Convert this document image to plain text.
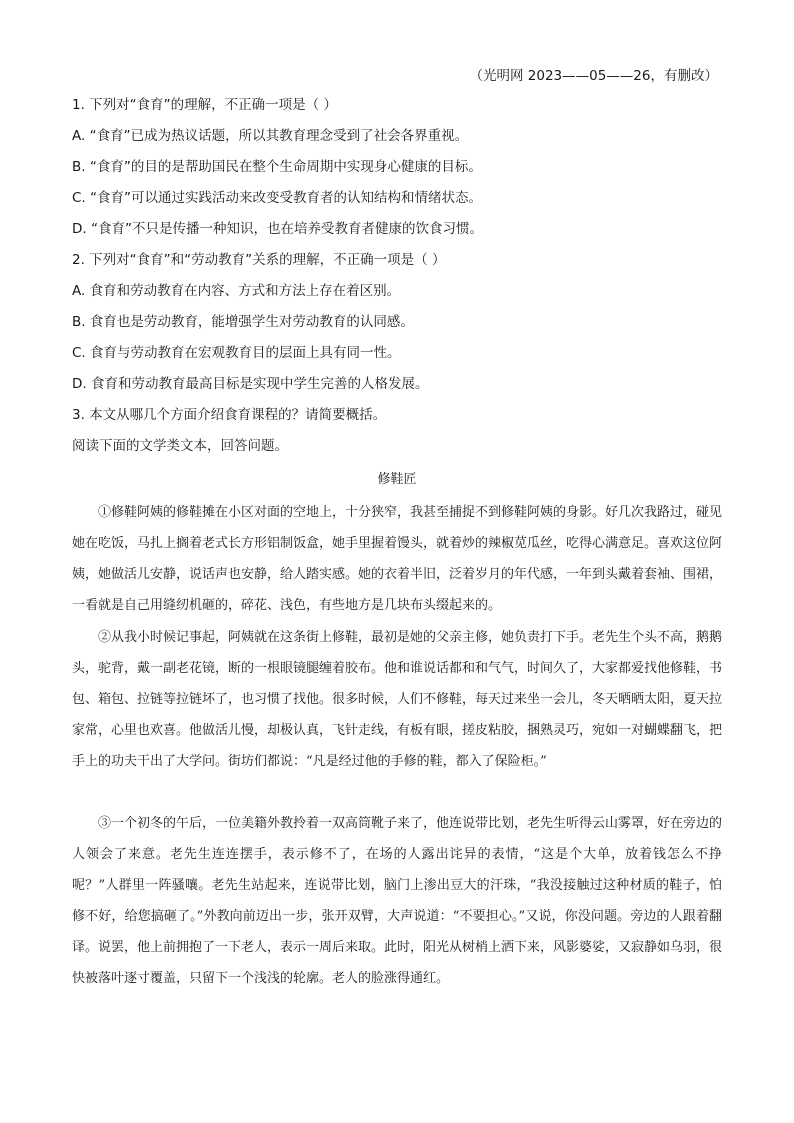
（光明网 2023——05——26，有删改）
1. 下列对“食育”的理解，不正确一项是（ ）
A. “食育”已成为热议话题，所以其教育理念受到了社会各界重视。
B. “食育”的目的是帮助国民在整个生命周期中实现身心健康的目标。
C. “食育”可以通过实践活动来改变受教育者的认知结构和情绪状态。
D. “食育”不只是传播一种知识，也在培养受教育者健康的饮食习惯。
2. 下列对“食育”和“劳动教育”关系的理解，不正确一项是（ ）
A. 食育和劳动教育在内容、方式和方法上存在着区别。
B. 食育也是劳动教育，能增强学生对劳动教育的认同感。
C. 食育与劳动教育在宏观教育目的层面上具有同一性。
D. 食育和劳动教育最高目标是实现中学生完善的人格发展。
3. 本文从哪几个方面介绍食育课程的？请简要概括。
阅读下面的文学类文本，回答问题。
修鞋匠
①修鞋阿姨的修鞋摊在小区对面的空地上，十分狭窄，我甚至捕捉不到修鞋阿姨的身影。好几次我路过，碰见她在吃饭，马扎上搁着老式长方形铝制饭盒，她手里握着馒头，就着炒的辣椒苋瓜丝，吃得心满意足。喜欢这位阿姨，她做活儿安静，说话声也安静，给人踏实感。她的衣着半旧，泛着岁月的年代感，一年到头戴着套袖、围裙，一看就是自己用缝纫机砸的，碎花、浅色，有些地方是几块布头缀起来的。
②从我小时候记事起，阿姨就在这条街上修鞋，最初是她的父亲主修，她负责打下手。老先生个头不高，鹅鹅头，驼背，戴一副老花镜，断的一根眼镜腿缠着胶布。他和谁说话都和和气气，时间久了，大家都爱找他修鞋，书包、箱包、拉链等拉链坏了，也习惯了找他。很多时候，人们不修鞋，每天过来坐一会儿，冬天晒晒太阳，夏天拉家常，心里也欢喜。他做活儿慢，却极认真，飞针走线，有板有眼，搓皮粘胶，捆熟灵巧，宛如一对蝴蝶翻飞，把手上的功夫干出了大学问。街坊们都说：“凡是经过他的手修的鞋，都入了保险柜。”
③一个初冬的午后，一位美籍外教拎着一双高筒靴子来了，他连说带比划，老先生听得云山雾罩，好在旁边的人领会了来意。老先生连连摆手，表示修不了，在场的人露出诧异的表情，“这是个大单，放着钱怎么不挣呢？”人群里一阵骚嚷。老先生站起来，连说带比划，脑门上渗出豆大的汗珠，“我没接触过这种材质的鞋子，怕修不好，给您搞砸了。”外教向前迈出一步，张开双臂，大声说道：“不要担心。”又说，你没问题。旁边的人跟着翻译。说罢，他上前拥抱了一下老人，表示一周后来取。此时，阳光从树梢上洒下来，风影婆娑，又寂静如乌羽，很快被落叶逐寸覆盖，只留下一个浅浅的轮廓。老人的脸涨得通红。
